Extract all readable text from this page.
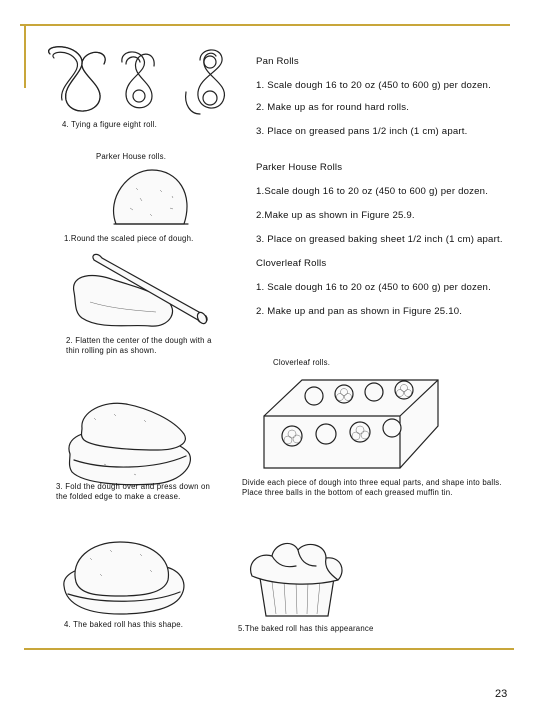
Pan Rolls
1. Scale dough 16 to 20 oz (450 to 600 g) per dozen.
2. Make up as for round hard rolls.
3. Place on greased pans 1/2 inch (1 cm) apart.
Parker House Rolls
1.Scale dough 16 to 20 oz (450 to 600 g) per dozen.
2.Make up as shown in Figure 25.9.
3. Place on greased baking sheet 1/2 inch (1 cm) apart.
Cloverleaf Rolls
1. Scale dough 16 to 20 oz (450 to 600 g) per dozen.
2. Make up and pan as shown in Figure 25.10.
4. Tying a figure eight roll.
Parker House rolls.
1.Round the scaled piece of dough.
2. Flatten the center of the dough with a thin rolling pin as shown.
Cloverleaf rolls.
3. Fold the dough over and press down on the folded edge to make a crease.
Divide each piece of dough into three equal parts, and shape into balls. Place three balls in the bottom of each greased muffin tin.
4. The baked roll has this shape.	5.The baked roll has this appearance
23
